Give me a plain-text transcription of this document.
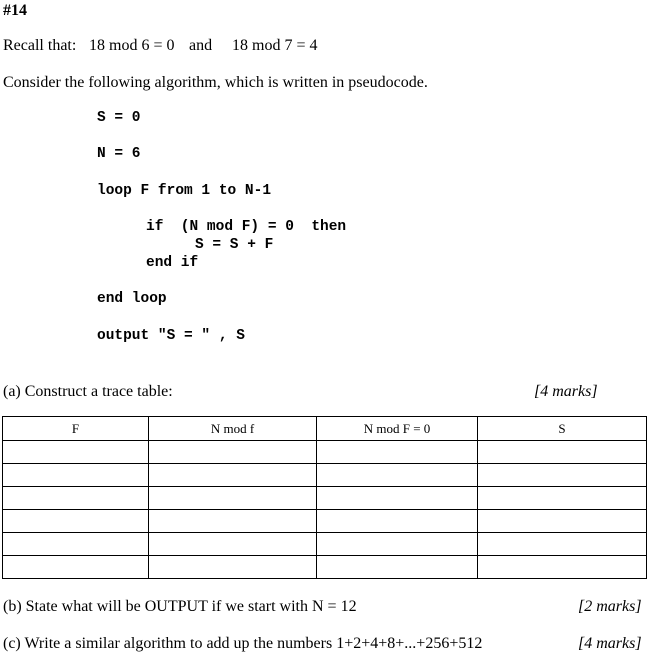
#14
Recall that: 18 mod 6 = 0 and 18 mod 7 = 4
Consider the following algorithm, which is written in pseudocode.
S = 0
N = 6
loop F from 1 to N-1
if  (N mod F) = 0  then
S = S + F
end if
end loop
output "S = " , S
(a) Construct a trace table:	[4 marks]
F	N mod f	N mod F = 0	S

(b) State what will be OUTPUT if we start with N = 12	[2 marks]
(c) Write a similar algorithm to add up the numbers 1+2+4+8+...+256+512	[4 marks]
